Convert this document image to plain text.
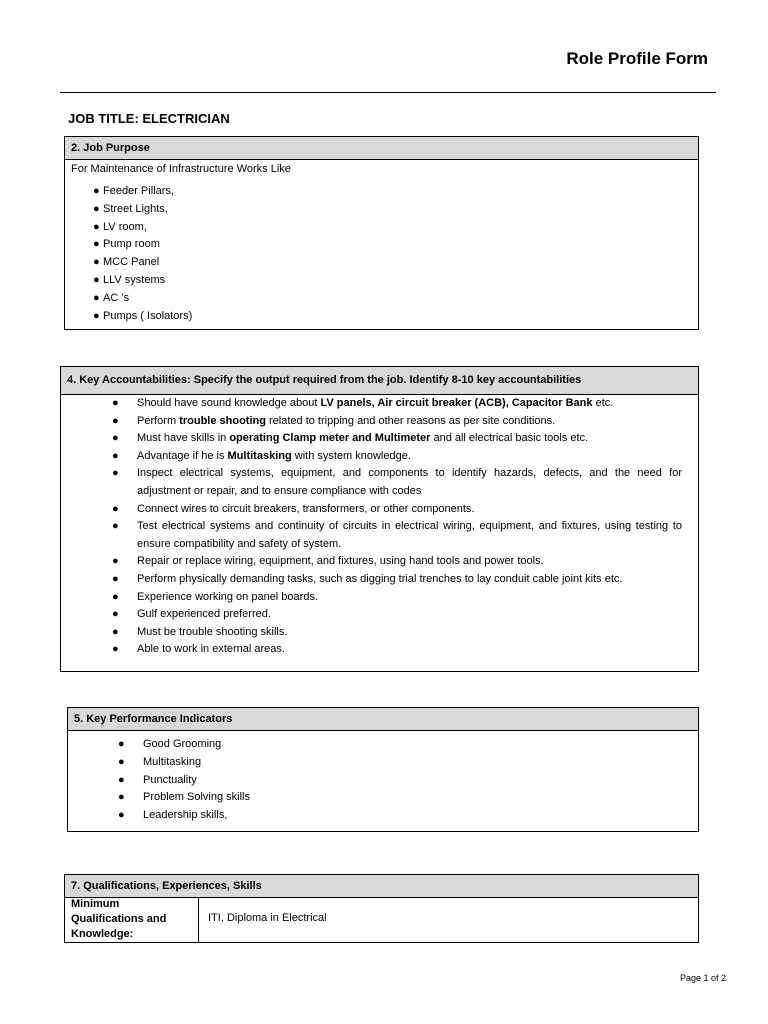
Role Profile Form
JOB TITLE: ELECTRICIAN
2. Job Purpose
For Maintenance of Infrastructure Works Like
● Feeder Pillars,
● Street Lights,
● LV room,
● Pump room
● MCC Panel
● LLV systems
● AC ’s
● Pumps ( Isolators)
4. Key Accountabilities: Specify the output required from the job. Identify 8-10 key accountabilities
● Should have sound knowledge about LV panels, Air circuit breaker (ACB), Capacitor Bank etc.
● Perform trouble shooting related to tripping and other reasons as per site conditions.
● Must have skills in operating Clamp meter and Multimeter and all electrical basic tools etc.
● Advantage if he is Multitasking with system knowledge.
● Inspect electrical systems, equipment, and components to identify hazards, defects, and the need for adjustment or repair, and to ensure compliance with codes
● Connect wires to circuit breakers, transformers, or other components.
● Test electrical systems and continuity of circuits in electrical wiring, equipment, and fixtures, using testing to ensure compatibility and safety of system.
● Repair or replace wiring, equipment, and fixtures, using hand tools and power tools.
● Perform physically demanding tasks, such as digging trial trenches to lay conduit cable joint kits etc.
● Experience working on panel boards.
● Gulf experienced preferred.
● Must be trouble shooting skills.
● Able to work in external areas.
5. Key Performance Indicators
● Good Grooming
● Multitasking
● Punctuality
● Problem Solving skills
● Leadership skills,
7. Qualifications, Experiences, Skills
Minimum
Qualifications and
Knowledge:
ITI, Diploma in Electrical
Page 1 of 2
